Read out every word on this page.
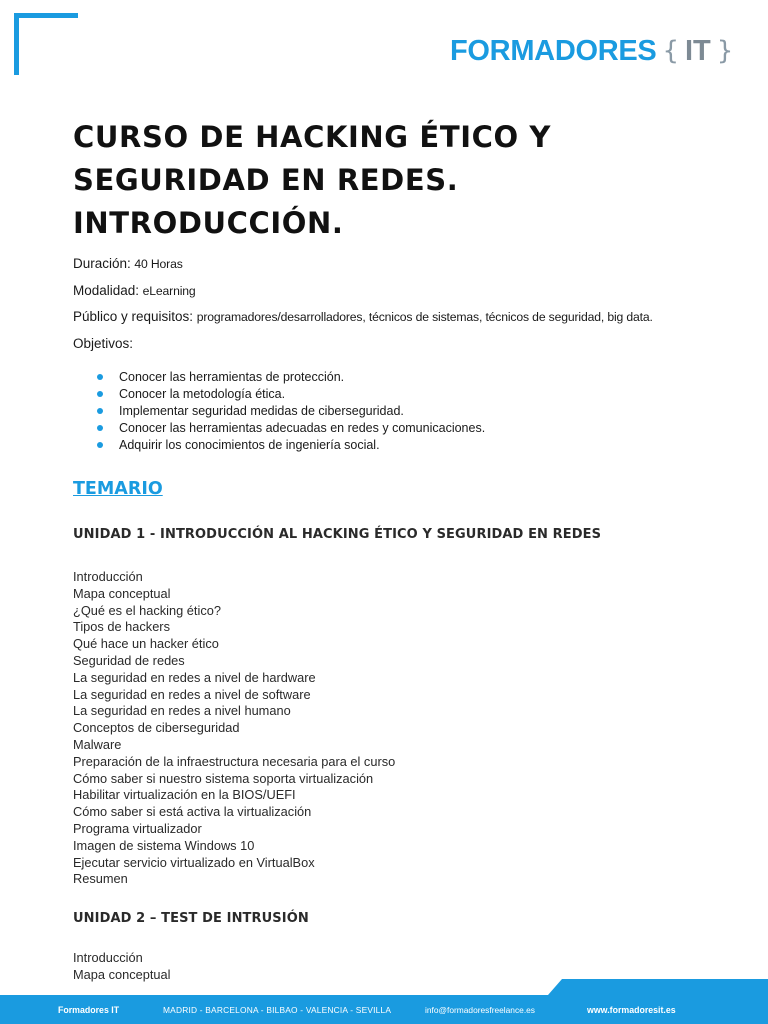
FORMADORES { IT }
CURSO DE HACKING ÉTICO Y SEGURIDAD EN REDES. INTRODUCCIÓN.
Duración: 40 Horas
Modalidad: eLearning
Público y requisitos: programadores/desarrolladores, técnicos de sistemas, técnicos de seguridad, big data.
Objetivos:
Conocer las herramientas de protección.
Conocer la metodología ética.
Implementar seguridad medidas de ciberseguridad.
Conocer las herramientas adecuadas en redes y comunicaciones.
Adquirir los conocimientos de ingeniería social.
TEMARIO
UNIDAD 1 - INTRODUCCIÓN AL HACKING ÉTICO Y SEGURIDAD EN REDES
Introducción
Mapa conceptual
¿Qué es el hacking ético?
Tipos de hackers
Qué hace un hacker ético
Seguridad de redes
La seguridad en redes a nivel de hardware
La seguridad en redes a nivel de software
La seguridad en redes a nivel humano
Conceptos de ciberseguridad
Malware
Preparación de la infraestructura necesaria para el curso
Cómo saber si nuestro sistema soporta virtualización
Habilitar virtualización en la BIOS/UEFI
Cómo saber si está activa la virtualización
Programa virtualizador
Imagen de sistema Windows 10
Ejecutar servicio virtualizado en VirtualBox
Resumen
UNIDAD 2 – TEST DE INTRUSIÓN
Introducción
Mapa conceptual
Formadores IT	MADRID - BARCELONA - BILBAO - VALENCIA - SEVILLA	info@formadoresfreelance.es	www.formadoresit.es
